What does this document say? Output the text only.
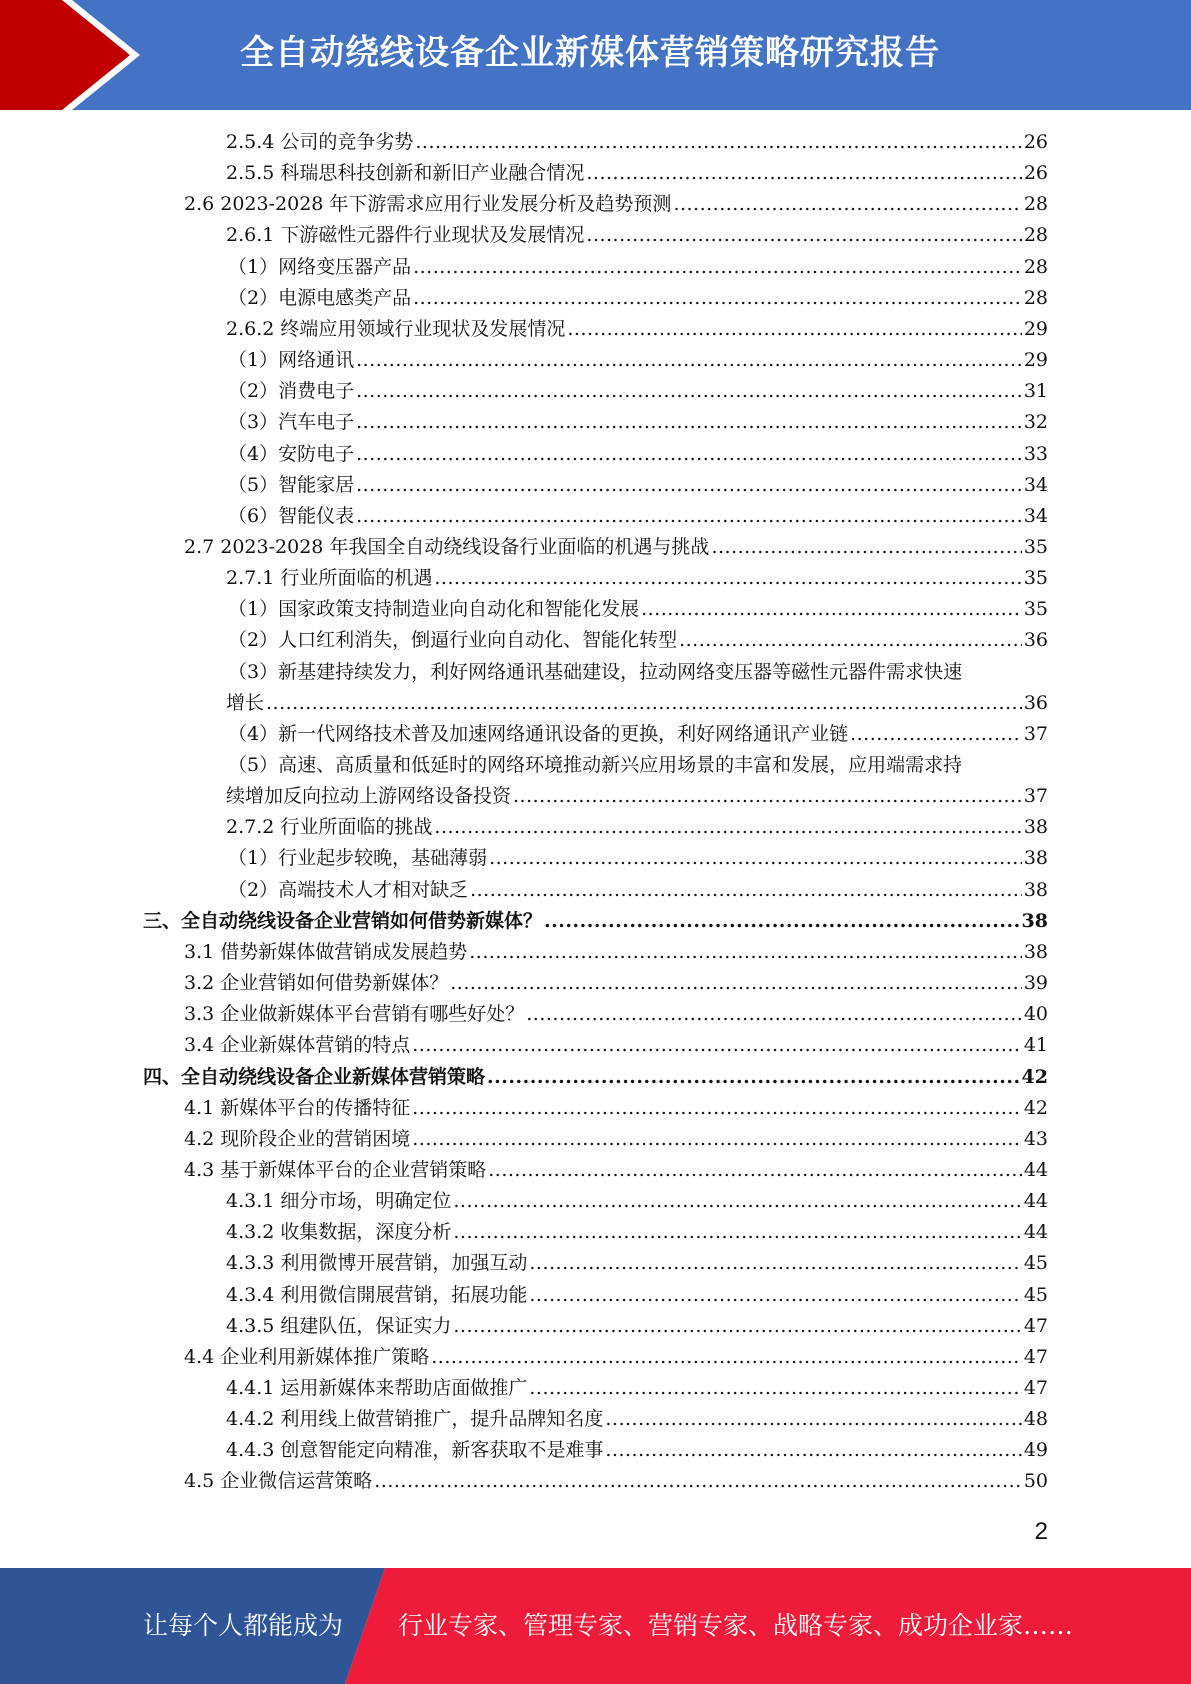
全自动绕线设备企业新媒体营销策略研究报告
2.5.4 公司的竞争劣势 .....	26
2.5.5 科瑞思科技创新和新旧产业融合情况 .....	26
2.6 2023-2028 年下游需求应用行业发展分析及趋势预测 .....	28
2.6.1 下游磁性元器件行业现状及发展情况 .....	28
（1）网络变压器产品 .....	28
（2）电源电感类产品 .....	28
2.6.2 终端应用领域行业现状及发展情况 .....	29
（1）网络通讯 .....	29
（2）消费电子 .....	31
（3）汽车电子 .....	32
（4）安防电子 .....	33
（5）智能家居 .....	34
（6）智能仪表 .....	34
2.7 2023-2028 年我国全自动绕线设备行业面临的机遇与挑战 .....	35
2.7.1 行业所面临的机遇 .....	35
（1）国家政策支持制造业向自动化和智能化发展 .....	35
（2）人口红利消失，倒逼行业向自动化、智能化转型 .....	36
（3）新基建持续发力，利好网络通讯基础建设，拉动网络变压器等磁性元器件需求快速
增长 .....	36
（4）新一代网络技术普及加速网络通讯设备的更换，利好网络通讯产业链 .....	37
（5）高速、高质量和低延时的网络环境推动新兴应用场景的丰富和发展，应用端需求持
续增加反向拉动上游网络设备投资 .....	37
2.7.2 行业所面临的挑战 .....	38
（1）行业起步较晚，基础薄弱 .....	38
（2）高端技术人才相对缺乏 .....	38
三、全自动绕线设备企业营销如何借势新媒体？ .....	38
3.1 借势新媒体做营销成发展趋势 .....	38
3.2 企业营销如何借势新媒体？ .....	39
3.3 企业做新媒体平台营销有哪些好处？ .....	40
3.4 企业新媒体营销的特点 .....	41
四、全自动绕线设备企业新媒体营销策略 .....	42
4.1 新媒体平台的传播特征 .....	42
4.2 现阶段企业的营销困境 .....	43
4.3 基于新媒体平台的企业营销策略 .....	44
4.3.1 细分市场，明确定位 .....	44
4.3.2 收集数据，深度分析 .....	44
4.3.3 利用微博开展营销，加强互动 .....	45
4.3.4 利用微信開展营销，拓展功能 .....	45
4.3.5 组建队伍，保证实力 .....	47
4.4 企业利用新媒体推广策略 .....	47
4.4.1 运用新媒体来帮助店面做推广 .....	47
4.4.2 利用线上做营销推广，提升品牌知名度 .....	48
4.4.3 创意智能定向精准，新客获取不是难事 .....	49
4.5 企业微信运营策略 .....	50
2
让每个人都能成为 行业专家、管理专家、营销专家、战略专家、成功企业家……
